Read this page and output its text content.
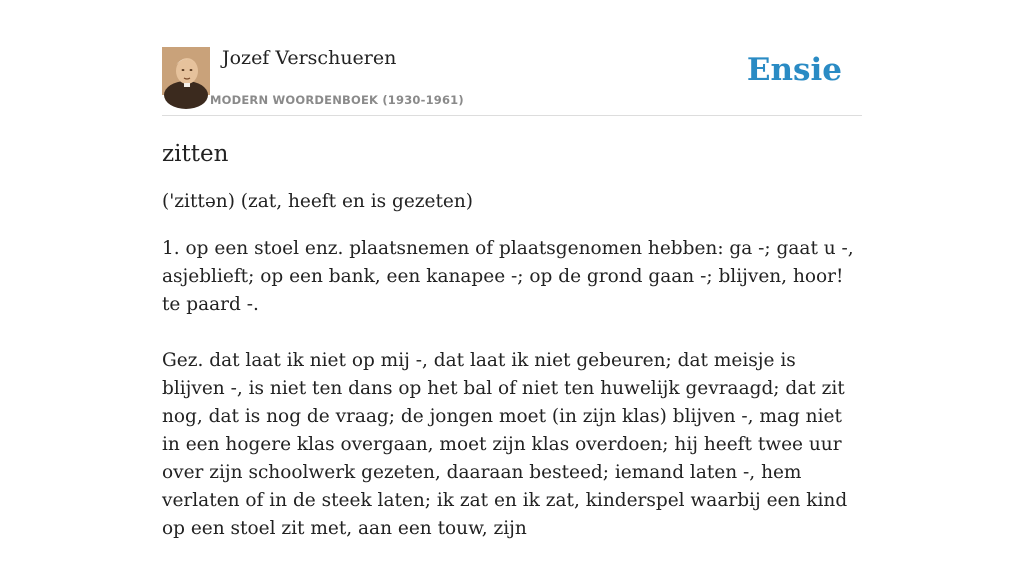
Jozef Verschueren
MODERN WOORDENBOEK (1930-1961)
Ensie
zitten

('zittən) (zat, heeft en is gezeten)

1. op een stoel enz. plaatsnemen of plaatsgenomen hebben: ga -; gaat u -, asjeblieft; op een bank, een kanapee -; op de grond gaan -; blijven, hoor! te paard -.

Gez. dat laat ik niet op mij -, dat laat ik niet gebeuren; dat meisje is blijven -, is niet ten dans op het bal of niet ten huwelijk gevraagd; dat zit nog, dat is nog de vraag; de jongen moet (in zijn klas) blijven -, mag niet in een hogere klas overgaan, moet zijn klas overdoen; hij heeft twee uur over zijn schoolwerk gezeten, daaraan besteed; iemand laten -, hem verlaten of in de steek laten; ik zat en ik zat, kinderspel waarbij een kind op een stoel zit met, aan een touw, zijn
